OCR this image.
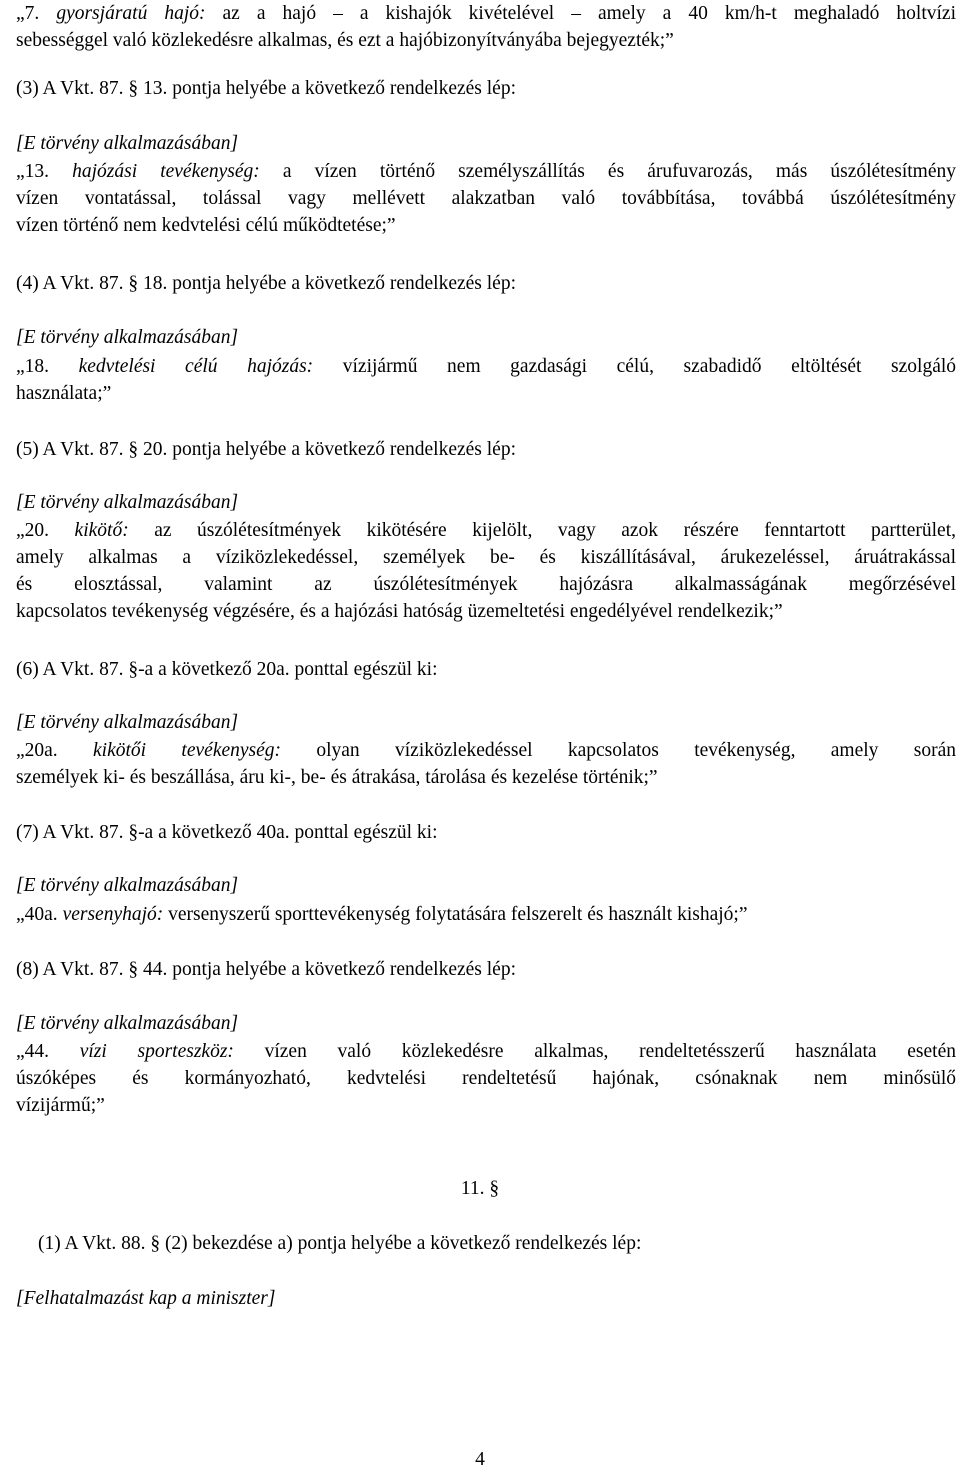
„7. gyorsjáratú hajó: az a hajó – a kishajók kivételével – amely a 40 km/h-t meghaladó holtvízi
sebességgel való közlekedésre alkalmas, és ezt a hajóbizonyítványába bejegyezték;”
(3) A Vkt. 87. § 13. pontja helyébe a következő rendelkezés lép:
[E törvény alkalmazásában]
„13. hajózási tevékenység: a vízen történő személyszállítás és árufuvarozás, más úszólétesítmény
vízen vontatással, tolással vagy mellévett alakzatban való továbbítása, továbbá úszólétesítmény
vízen történő nem kedvtelési célú működtetése;”
(4) A Vkt. 87. § 18. pontja helyébe a következő rendelkezés lép:
[E törvény alkalmazásában]
„18. kedvtelési célú hajózás: vízijármű nem gazdasági célú, szabadidő eltöltését szolgáló
használata;”
(5) A Vkt. 87. § 20. pontja helyébe a következő rendelkezés lép:
[E törvény alkalmazásában]
„20. kikötő: az úszólétesítmények kikötésére kijelölt, vagy azok részére fenntartott partterület,
amely alkalmas a víziközlekedéssel, személyek be- és kiszállításával, árukezeléssel, áruátrakással
és elosztással, valamint az úszólétesítmények hajózásra alkalmasságának megőrzésével
kapcsolatos tevékenység végzésére, és a hajózási hatóság üzemeltetési engedélyével rendelkezik;”
(6) A Vkt. 87. §-a a következő 20a. ponttal egészül ki:
[E törvény alkalmazásában]
„20a. kikötői tevékenység: olyan víziközlekedéssel kapcsolatos tevékenység, amely során
személyek ki- és beszállása, áru ki-, be- és átrakása, tárolása és kezelése történik;”
(7) A Vkt. 87. §-a a következő 40a. ponttal egészül ki:
[E törvény alkalmazásában]
„40a. versenyhajó: versenyszerű sporttevékenység folytatására felszerelt és használt kishajó;”
(8) A Vkt. 87. § 44. pontja helyébe a következő rendelkezés lép:
[E törvény alkalmazásában]
„44. vízi sporteszköz: vízen való közlekedésre alkalmas, rendeltetésszerű használata esetén
úszóképes és kormányozható, kedvtelési rendeltetésű hajónak, csónaknak nem minősülő
vízijármű;”
11. §
(1) A Vkt. 88. § (2) bekezdése a) pontja helyébe a következő rendelkezés lép:
[Felhatalmazást kap a miniszter]
4
